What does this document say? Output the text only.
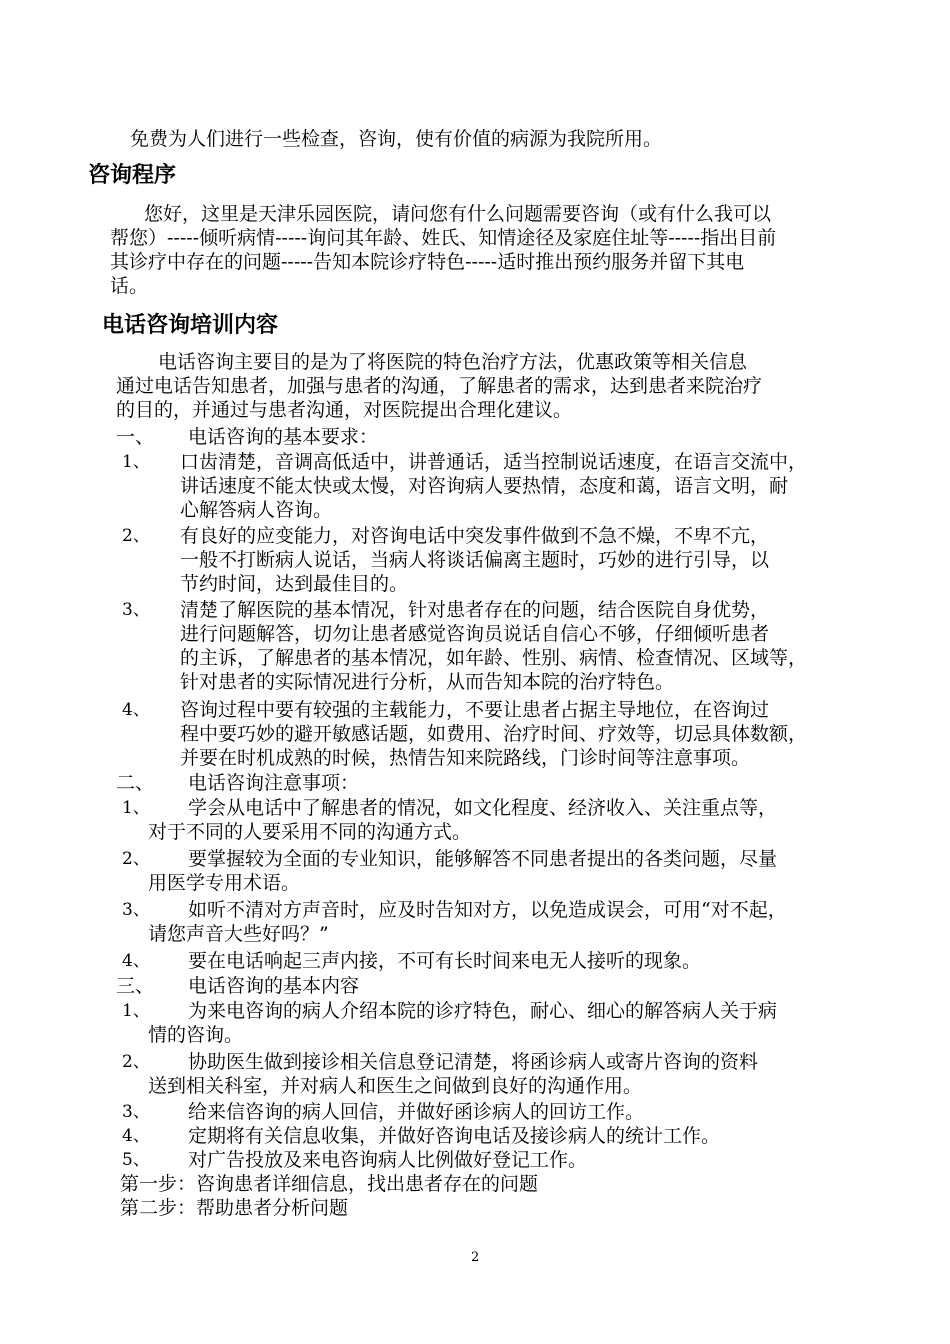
免费为人们进行一些检查，咨询，使有价值的病源为我院所用。
咨询程序
您好，这里是天津乐园医院，请问您有什么问题需要咨询（或有什么我可以
帮您）-----倾听病情-----询问其年龄、姓氏、知情途径及家庭住址等-----指出目前
其诊疗中存在的问题-----告知本院诊疗特色-----适时推出预约服务并留下其电
话。
电话咨询培训内容
电话咨询主要目的是为了将医院的特色治疗方法，优惠政策等相关信息
通过电话告知患者，加强与患者的沟通，了解患者的需求，达到患者来院治疗
的目的，并通过与患者沟通，对医院提出合理化建议。
一、 电话咨询的基本要求：
1、 口齿清楚，音调高低适中，讲普通话，适当控制说话速度，在语言交流中，
讲话速度不能太快或太慢，对咨询病人要热情，态度和蔼，语言文明，耐
心解答病人咨询。
2、 有良好的应变能力，对咨询电话中突发事件做到不急不燥，不卑不亢，
一般不打断病人说话，当病人将谈话偏离主题时，巧妙的进行引导，以
节约时间，达到最佳目的。
3、 清楚了解医院的基本情况，针对患者存在的问题，结合医院自身优势，
进行问题解答，切勿让患者感觉咨询员说话自信心不够，仔细倾听患者
的主诉，了解患者的基本情况，如年龄、性别、病情、检查情况、区域等，
针对患者的实际情况进行分析，从而告知本院的治疗特色。
4、 咨询过程中要有较强的主载能力，不要让患者占据主导地位，在咨询过
程中要巧妙的避开敏感话题，如费用、治疗时间、疗效等，切忌具体数额，
并要在时机成熟的时候，热情告知来院路线，门诊时间等注意事项。
二、 电话咨询注意事项：
1、 学会从电话中了解患者的情况，如文化程度、经济收入、关注重点等，
对于不同的人要采用不同的沟通方式。
2、 要掌握较为全面的专业知识，能够解答不同患者提出的各类问题，尽量
用医学专用术语。
3、 如听不清对方声音时，应及时告知对方，以免造成误会，可用“对不起，
请您声音大些好吗？”
4、 要在电话响起三声内接，不可有长时间来电无人接听的现象。
三、 电话咨询的基本内容
1、 为来电咨询的病人介绍本院的诊疗特色，耐心、细心的解答病人关于病
情的咨询。
2、 协助医生做到接诊相关信息登记清楚，将函诊病人或寄片咨询的资料
送到相关科室，并对病人和医生之间做到良好的沟通作用。
3、 给来信咨询的病人回信，并做好函诊病人的回访工作。
4、 定期将有关信息收集，并做好咨询电话及接诊病人的统计工作。
5、 对广告投放及来电咨询病人比例做好登记工作。
第一步：咨询患者详细信息，找出患者存在的问题
第二步：帮助患者分析问题
2
